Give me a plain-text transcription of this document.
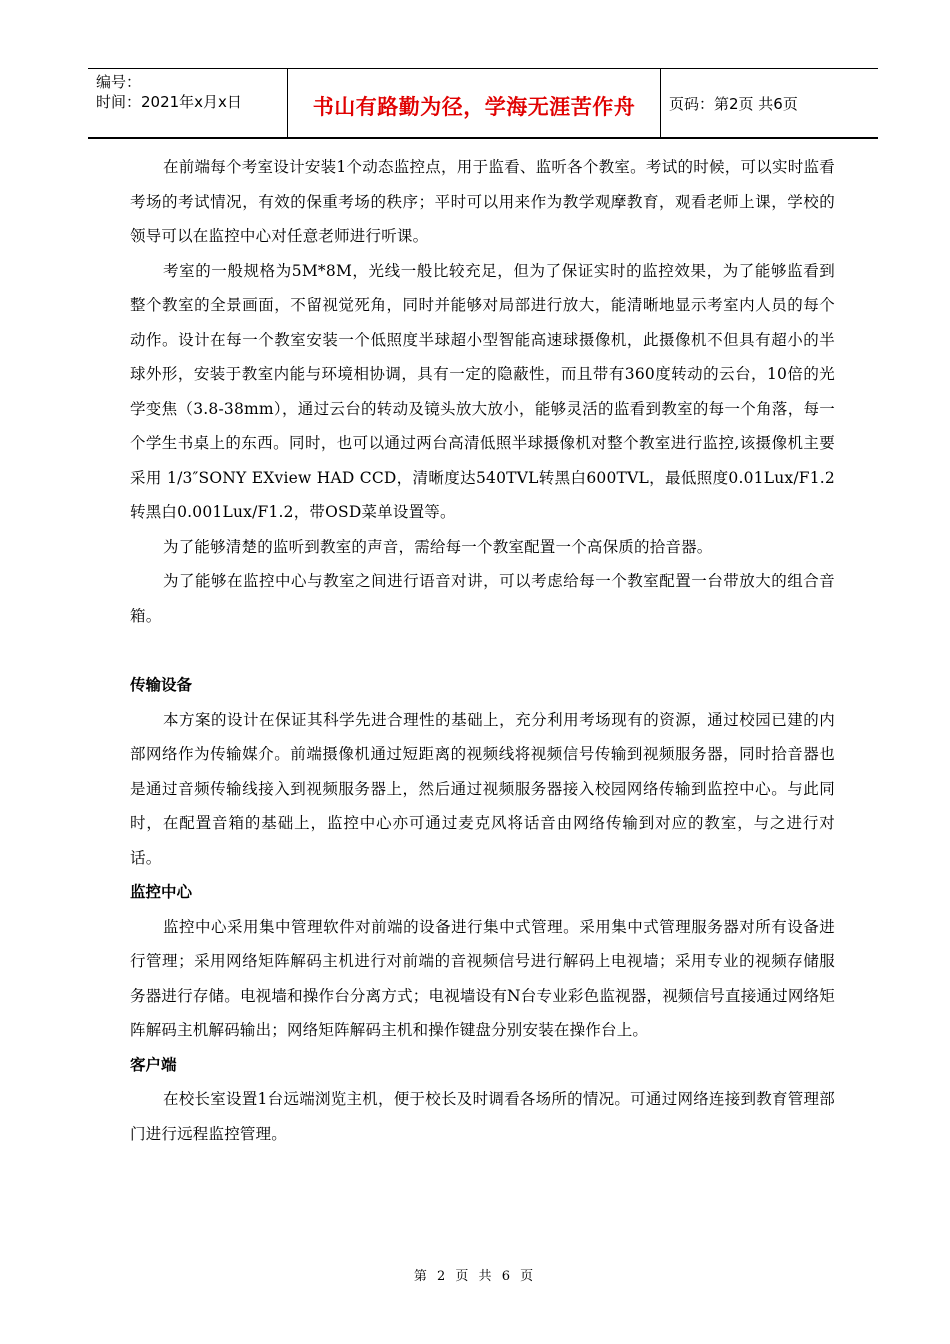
编号：
时间：2021年x月x日	书山有路勤为径，学海无涯苦作舟	页码：第2页 共6页

在前端每个考室设计安装1个动态监控点，用于监看、监听各个教室。考试的时候，可以实时监看考场的考试情况，有效的保重考场的秩序；平时可以用来作为教学观摩教育，观看老师上课，学校的领导可以在监控中心对任意老师进行听课。

考室的一般规格为5M*8M，光线一般比较充足，但为了保证实时的监控效果，为了能够监看到整个教室的全景画面，不留视觉死角，同时并能够对局部进行放大，能清晰地显示考室内人员的每个动作。设计在每一个教室安装一个低照度半球超小型智能高速球摄像机，此摄像机不但具有超小的半球外形，安装于教室内能与环境相协调，具有一定的隐蔽性，而且带有360度转动的云台，10倍的光学变焦（3.8-38mm），通过云台的转动及镜头放大放小，能够灵活的监看到教室的每一个角落，每一个学生书桌上的东西。同时，也可以通过两台高清低照半球摄像机对整个教室进行监控,该摄像机主要采用 1/3″SONY EXview HAD CCD，清晰度达540TVL转黑白600TVL，最低照度0.01Lux/F1.2转黑白0.001Lux/F1.2，带OSD菜单设置等。

为了能够清楚的监听到教室的声音，需给每一个教室配置一个高保质的拾音器。

为了能够在监控中心与教室之间进行语音对讲，可以考虑给每一个教室配置一台带放大的组合音箱。

传输设备

本方案的设计在保证其科学先进合理性的基础上，充分利用考场现有的资源，通过校园已建的内部网络作为传输媒介。前端摄像机通过短距离的视频线将视频信号传输到视频服务器，同时拾音器也是通过音频传输线接入到视频服务器上，然后通过视频服务器接入校园网络传输到监控中心。与此同时，在配置音箱的基础上，监控中心亦可通过麦克风将话音由网络传输到对应的教室，与之进行对话。

监控中心

监控中心采用集中管理软件对前端的设备进行集中式管理。采用集中式管理服务器对所有设备进行管理；采用网络矩阵解码主机进行对前端的音视频信号进行解码上电视墙；采用专业的视频存储服务器进行存储。电视墙和操作台分离方式；电视墙设有N台专业彩色监视器，视频信号直接通过网络矩阵解码主机解码输出；网络矩阵解码主机和操作键盘分别安装在操作台上。

客户端

在校长室设置1台远端浏览主机，便于校长及时调看各场所的情况。可通过网络连接到教育管理部门进行远程监控管理。

第 2 页 共 6 页
